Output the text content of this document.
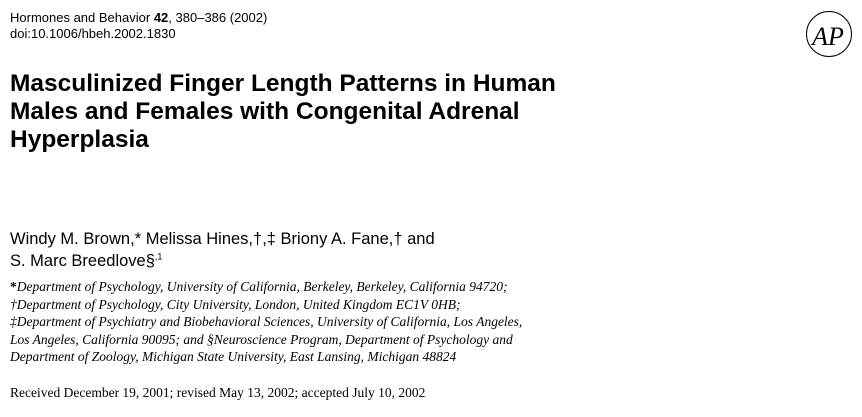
Hormones and Behavior 42, 380–386 (2002)
doi:10.1006/hbeh.2002.1830	AP
Masculinized Finger Length Patterns in Human
Males and Females with Congenital Adrenal
Hyperplasia
Windy M. Brown,* Melissa Hines,†,‡ Briony A. Fane,† and
S. Marc Breedlove§$^{,1}$
*Department of Psychology, University of California, Berkeley, Berkeley, California 94720;
†Department of Psychology, City University, London, United Kingdom EC1V 0HB;
‡Department of Psychiatry and Biobehavioral Sciences, University of California, Los Angeles,
Los Angeles, California 90095; and §Neuroscience Program, Department of Psychology and
Department of Zoology, Michigan State University, East Lansing, Michigan 48824
Received December 19, 2001; revised May 13, 2002; accepted July 10, 2002
